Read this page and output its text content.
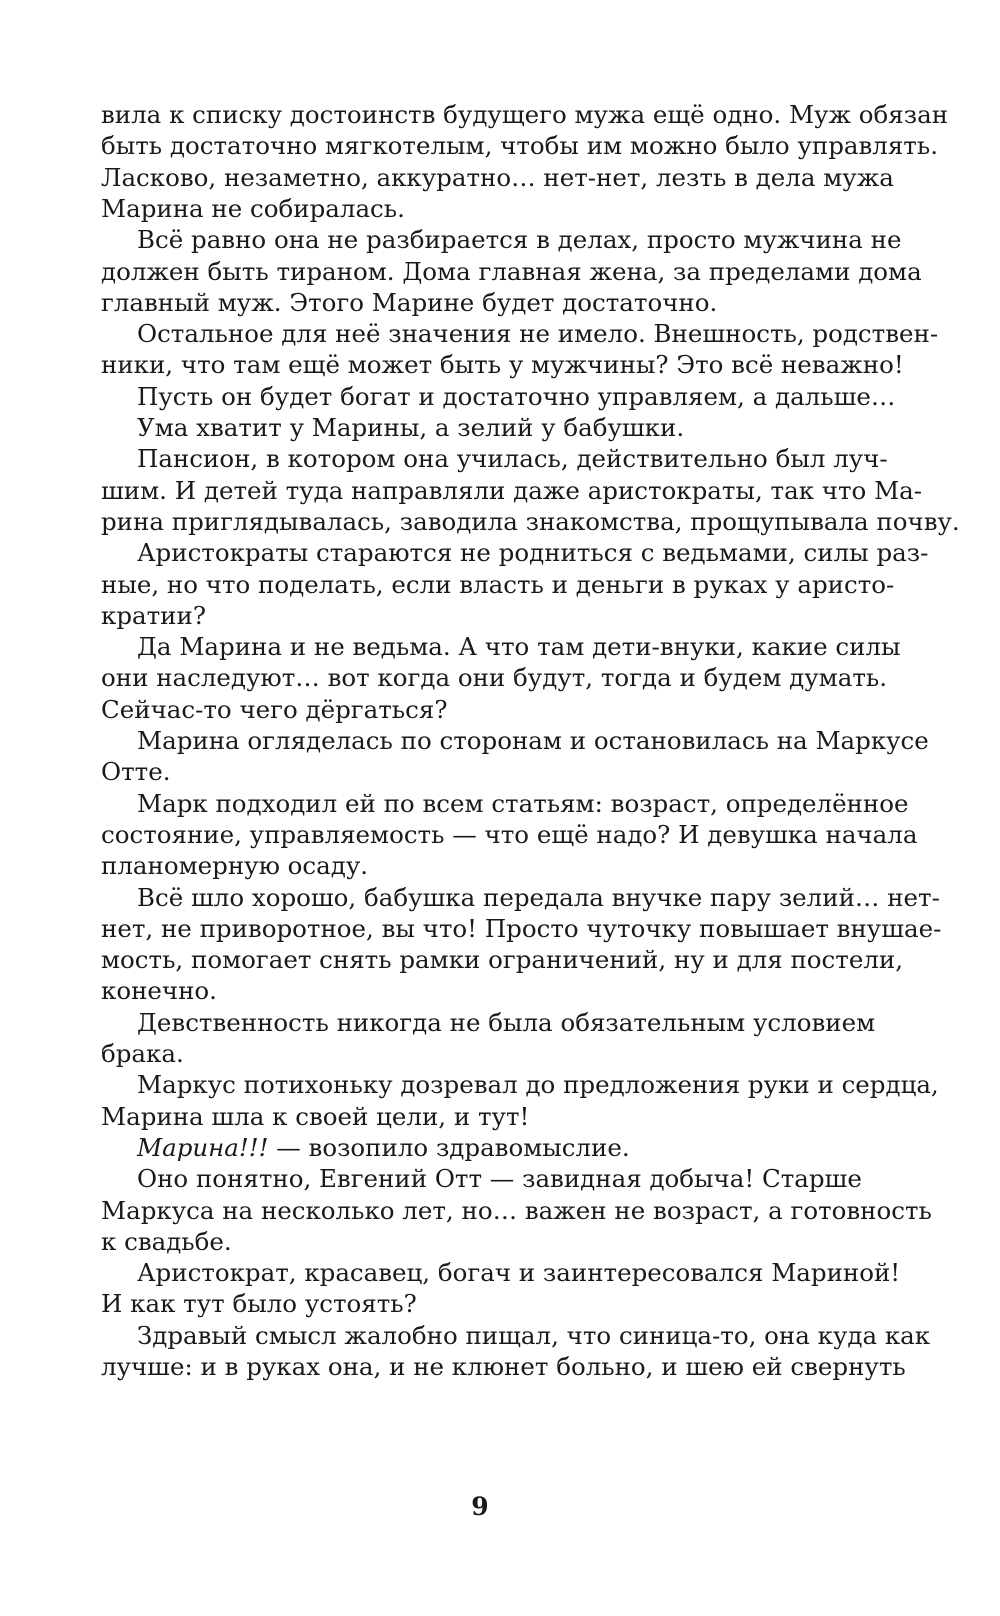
вила к списку достоинств будущего мужа ещё одно. Муж обязан
быть достаточно мягкотелым, чтобы им можно было управлять.
Ласково, незаметно, аккуратно… нет-нет, лезть в дела мужа
Марина не собиралась.
Всё равно она не разбирается в делах, просто мужчина не
должен быть тираном. Дома главная жена, за пределами дома
главный муж. Этого Марине будет достаточно.
Остальное для неё значения не имело. Внешность, родствен-
ники, что там ещё может быть у мужчины? Это всё неважно!
Пусть он будет богат и достаточно управляем, а дальше…
Ума хватит у Марины, а зелий у бабушки.
Пансион, в котором она училась, действительно был луч-
шим. И детей туда направляли даже аристократы, так что Ма-
рина приглядывалась, заводила знакомства, прощупывала почву.
Аристократы стараются не родниться с ведьмами, силы раз-
ные, но что поделать, если власть и деньги в руках у аристо-
кратии?
Да Марина и не ведьма. А что там дети-внуки, какие силы
они наследуют… вот когда они будут, тогда и будем думать.
Сейчас-то чего дёргаться?
Марина огляделась по сторонам и остановилась на Маркусе
Отте.
Марк подходил ей по всем статьям: возраст, определённое
состояние, управляемость — что ещё надо? И девушка начала
планомерную осаду.
Всё шло хорошо, бабушка передала внучке пару зелий… нет-
нет, не приворотное, вы что! Просто чуточку повышает внушае-
мость, помогает снять рамки ограничений, ну и для постели,
конечно.
Девственность никогда не была обязательным условием
брака.
Маркус потихоньку дозревал до предложения руки и сердца,
Марина шла к своей цели, и тут!
Марина!!! — возопило здравомыслие.
Оно понятно, Евгений Отт — завидная добыча! Старше
Маркуса на несколько лет, но… важен не возраст, а готовность
к свадьбе.
Аристократ, красавец, богач и заинтересовался Мариной!
И как тут было устоять?
Здравый смысл жалобно пищал, что синица-то, она куда как
лучше: и в руках она, и не клюнет больно, и шею ей свернуть
9
